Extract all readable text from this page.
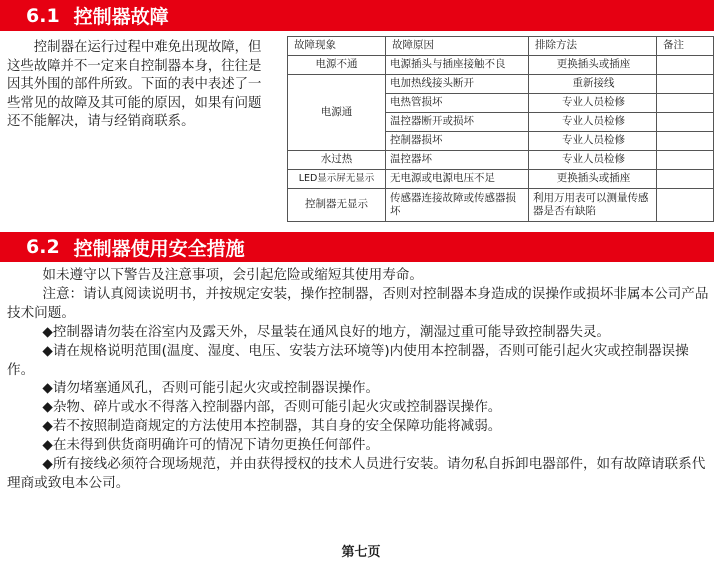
6.1 控制器故障

控制器在运行过程中难免出现故障，但这些故障并不一定来自控制器本身，往往是因其外围的部件所致。下面的表中表述了一些常见的故障及其可能的原因，如果有问题还不能解决，请与经销商联系。

故障现象	故障原因	排除方法	备注
电源不通	电源插头与插座接触不良	更换插头或插座	
电源通	电加热线接头断开	重新接线	
	电热管损坏	专业人员检修	
	温控器断开或损坏	专业人员检修	
	控制器损坏	专业人员检修	
水过热	温控器坏	专业人员检修	
LED显示屏无显示	无电源或电源电压不足	更换插头或插座	
控制器无显示	传感器连接故障或传感器损坏	利用万用表可以测量传感器是否有缺陷	
6.2 控制器使用安全措施

如未遵守以下警告及注意事项，会引起危险或缩短其使用寿命。

注意：请认真阅读说明书，并按规定安装，操作控制器，否则对控制器本身造成的误操作或损坏非属本公司产品技术问题。

◆控制器请勿装在浴室内及露天外，尽量装在通风良好的地方，潮湿过重可能导致控制器失灵。

◆请在规格说明范围(温度、湿度、电压、安装方法环境等)内使用本控制器，否则可能引起火灾或控制器误操作。

◆请勿堵塞通风孔，否则可能引起火灾或控制器误操作。

◆杂物、碎片或水不得落入控制器内部，否则可能引起火灾或控制器误操作。

◆若不按照制造商规定的方法使用本控制器，其自身的安全保障功能将减弱。

◆在未得到供货商明确许可的情况下请勿更换任何部件。

◆所有接线必须符合现场规范，并由获得授权的技术人员进行安装。请勿私自拆卸电器部件，如有故障请联系代理商或致电本公司。

第七页
